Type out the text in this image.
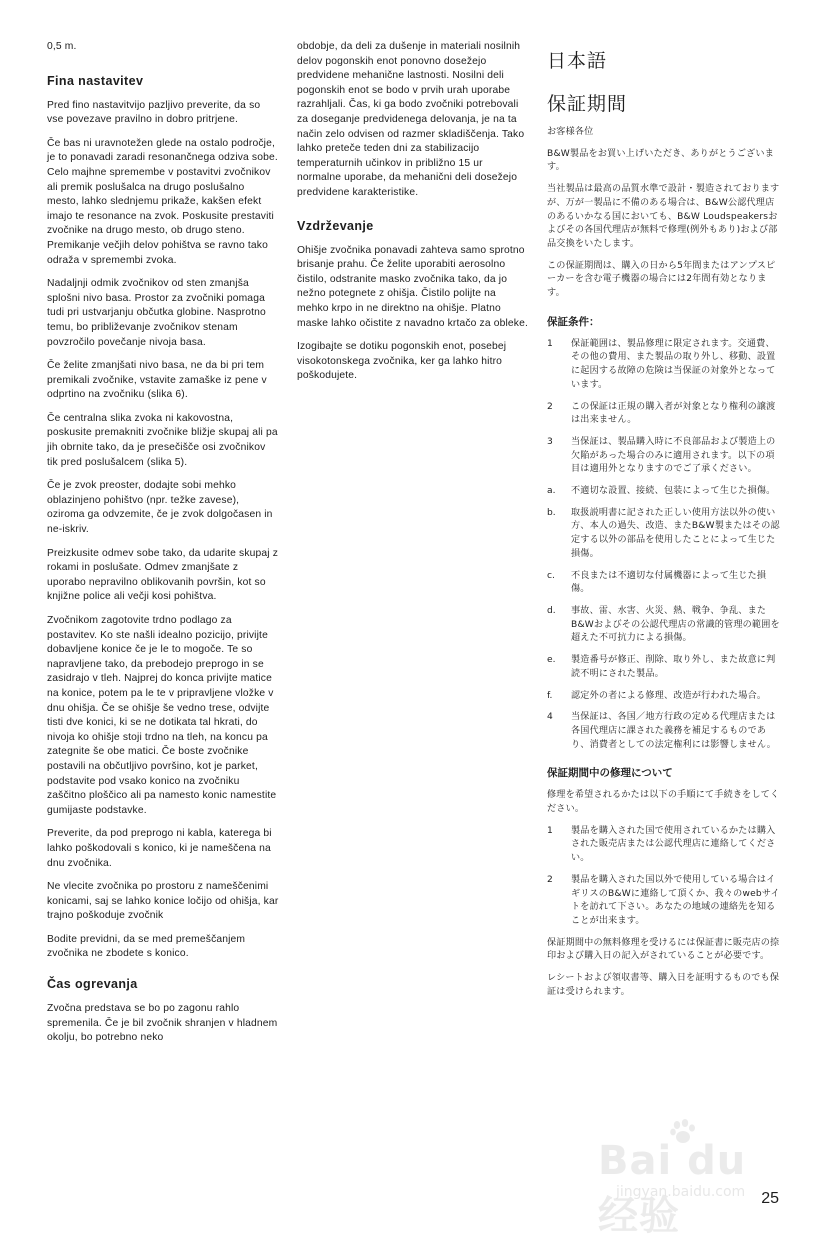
0,5 m.

Fina nastavitev

Pred fino nastavitvijo pazljivo preverite, da so vse povezave pravilno in dobro pritrjene.

Če bas ni uravnotežen glede na ostalo področje, je to ponavadi zaradi resonančnega odziva sobe. Celo majhne spremembe v postavitvi zvočnikov ali premik poslušalca na drugo poslušalno mesto, lahko slednjemu prikaže, kakšen efekt imajo te resonance na zvok. Poskusite prestaviti zvočnike na drugo mesto, ob drugo steno. Premikanje večjih delov pohištva se ravno tako odraža v spremembi zvoka.

Nadaljnji odmik zvočnikov od sten zmanjša splošni nivo basa. Prostor za zvočniki pomaga tudi pri ustvarjanju občutka globine. Nasprotno temu, bo približevanje zvočnikov stenam povzročilo povečanje nivoja basa.

Če želite zmanjšati nivo basa, ne da bi pri tem premikali zvočnike, vstavite zamaške iz pene v odprtino na zvočniku (slika 6).

Če centralna slika zvoka ni kakovostna, poskusite premakniti zvočnike bližje skupaj ali pa jih obrnite tako, da je presečišče osi zvočnikov tik pred poslušalcem (slika 5).

Če je zvok preoster, dodajte sobi mehko oblazinjeno pohištvo (npr. težke zavese), oziroma ga odvzemite, če je zvok dolgočasen in ne-iskriv.

Preizkusite odmev sobe tako, da udarite skupaj z rokami in poslušate. Odmev zmanjšate z uporabo nepravilno oblikovanih površin, kot so knjižne police ali večji kosi pohištva.

Zvočnikom zagotovite trdno podlago za postavitev. Ko ste našli idealno pozicijo, privijte dobavljene konice če je le to mogoče. Te so napravljene tako, da prebodejo preprogo in se zasidrajo v tleh. Najprej do konca privijte matice na konice, potem pa le te v pripravljene vložke v dnu ohišja. Če se ohišje še vedno trese, odvijte tisti dve konici, ki se ne dotikata tal hkrati, do nivoja ko ohišje stoji trdno na tleh, na koncu pa zategnite še obe matici. Če boste zvočnike postavili na občutljivo površino, kot je parket, podstavite pod vsako konico na zvočniku zaščitno ploščico ali pa namesto konic namestite gumijaste podstavke.

Preverite, da pod preprogo ni kabla, katerega bi lahko poškodovali s konico, ki je nameščena na dnu zvočnika.

Ne vlecite zvočnika po prostoru z nameščenimi konicami, saj se lahko konice ločijo od ohišja, kar trajno poškoduje zvočnik

Bodite previdni, da se med premeščanjem zvočnika ne zbodete s konico.

Čas ogrevanja

Zvočna predstava se bo po zagonu rahlo spremenila. Če je bil zvočnik shranjen v hladnem okolju, bo potrebno neko

obdobje, da deli za dušenje in materiali nosilnih delov pogonskih enot ponovno dosežejo predvidene mehanične lastnosti. Nosilni deli pogonskih enot se bodo v prvih urah uporabe razrahljali. Čas, ki ga bodo zvočniki potrebovali za doseganje predvidenega delovanja, je na ta način zelo odvisen od razmer skladiščenja. Tako lahko preteče teden dni za stabilizacijo temperaturnih učinkov in približno 15 ur normalne uporabe, da mehanični deli dosežejo predvidene karakteristike.

Vzdrževanje

Ohišje zvočnika ponavadi zahteva samo sprotno brisanje prahu. Če želite uporabiti aerosolno čistilo, odstranite masko zvočnika tako, da jo nežno potegnete z ohišja. Čistilo polijte na mehko krpo in ne direktno na ohišje. Platno maske lahko očistite z navadno krtačo za obleke.

Izogibajte se dotiku pogonskih enot, posebej visokotonskega zvočnika, ker ga lahko hitro poškodujete.

日本語
保証期間

お客様各位

B&W製品をお買い上げいただき、ありがとうございます。

当社製品は最高の品質水準で設計・製造されておりますが、万が一製品に不備のある場合は、B&W公認代理店のあるいかなる国においても、B&W Loudspeakersおよびその各国代理店が無料で修理(例外もあり)および部品交換をいたします。

この保証期間は、購入の日から5年間またはアンプスピーカーを含む電子機器の場合には2年間有効となります。

保証条件：
1	保証範囲は、製品修理に限定されます。交通費、その他の費用、また製品の取り外し、移動、設置に起因する故障の危険は当保証の対象外となっています。
2	この保証は正規の購入者が対象となり権利の譲渡は出来ません。
3	当保証は、製品購入時に不良部品および製造上の欠陥があった場合のみに適用されます。以下の項目は適用外となりますのでご了承ください。
a.	不適切な設置、接続、包装によって生じた損傷。
b.	取扱説明書に記された正しい使用方法以外の使い方、本人の過失、改造、またB&W製またはその認定する以外の部品を使用したことによって生じた損傷。
c.	不良または不適切な付属機器によって生じた損傷。
d.	事故、雷、水害、火災、熱、戦争、争乱、またB&Wおよびその公認代理店の常識的管理の範囲を超えた不可抗力による損傷。
e.	製造番号が修正、削除、取り外し、また故意に判読不明にされた製品。
f.	認定外の者による修理、改造が行われた場合。
4	当保証は、各国／地方行政の定める代理店または各国代理店に課された義務を補足するものであり、消費者としての法定権利には影響しません。
保証期間中の修理について

修理を希望されるかたは以下の手順にて手続きをしてください。

1	製品を購入された国で使用されているかたは購入された販売店または公認代理店に連絡してください。
2	製品を購入された国以外で使用している場合はイギリスのB&Wに連絡して頂くか、我々のwebサイトを訪れて下さい。あなたの地域の連絡先を知ることが出来ます。

保証期間中の無料修理を受けるには保証書に販売店の捺印および購入日の記入がされていることが必要です。

レシートおよび領収書等、購入日を証明するものでも保証は受けられます。

Bai du 经验
jingyan.baidu.com 25
